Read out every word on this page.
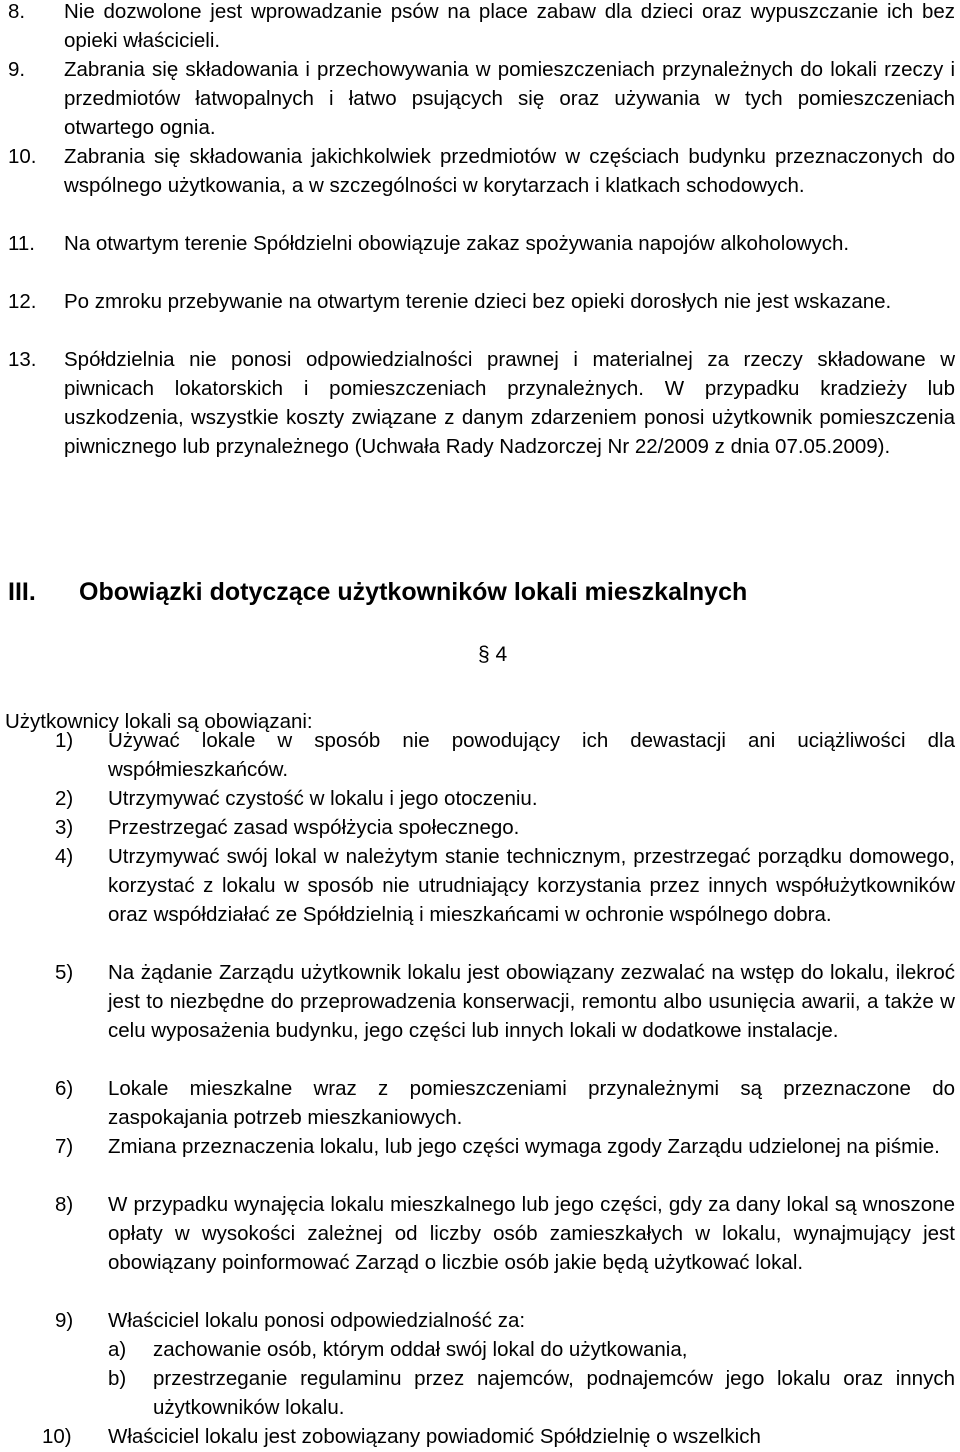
8. Nie dozwolone jest wprowadzanie psów na place zabaw dla dzieci oraz wypuszczanie ich bez opieki właścicieli.
9. Zabrania się składowania i przechowywania w pomieszczeniach przynależnych do lokali rzeczy i przedmiotów łatwopalnych i łatwo psujących się oraz używania w tych pomieszczeniach otwartego ognia.
10. Zabrania się składowania jakichkolwiek przedmiotów w częściach budynku przeznaczonych do wspólnego użytkowania, a w szczególności w korytarzach i klatkach schodowych.
11. Na otwartym terenie Spółdzielni obowiązuje zakaz spożywania napojów alkoholowych.
12. Po zmroku przebywanie na otwartym terenie dzieci bez opieki dorosłych nie jest wskazane.
13. Spółdzielnia nie ponosi odpowiedzialności prawnej i materialnej za rzeczy składowane w piwnicach lokatorskich i pomieszczeniach przynależnych. W przypadku kradzieży lub uszkodzenia, wszystkie koszty związane z danym zdarzeniem ponosi użytkownik pomieszczenia piwnicznego lub przynależnego (Uchwała Rady Nadzorczej Nr 22/2009 z dnia 07.05.2009).
III. Obowiązki dotyczące użytkowników lokali mieszkalnych
§ 4
Użytkownicy lokali są obowiązani:
1) Używać lokale w sposób nie powodujący ich dewastacji ani uciążliwości dla współmieszkańców.
2) Utrzymywać czystość w lokalu i jego otoczeniu.
3) Przestrzegać zasad współżycia społecznego.
4) Utrzymywać swój lokal w należytym stanie technicznym, przestrzegać porządku domowego, korzystać z lokalu w sposób nie utrudniający korzystania przez innych współużytkowników oraz współdziałać ze Spółdzielnią i mieszkańcami w ochronie wspólnego dobra.
5) Na żądanie Zarządu użytkownik lokalu jest obowiązany zezwalać na wstęp do lokalu, ilekroć jest to niezbędne do przeprowadzenia konserwacji, remontu albo usunięcia awarii, a także w celu wyposażenia budynku, jego części lub innych lokali w dodatkowe instalacje.
6) Lokale mieszkalne wraz z pomieszczeniami przynależnymi są przeznaczone do zaspokajania potrzeb mieszkaniowych.
7) Zmiana przeznaczenia lokalu, lub jego części wymaga zgody Zarządu udzielonej na piśmie.
8) W przypadku wynajęcia lokalu mieszkalnego lub jego części, gdy za dany lokal są wnoszone opłaty w wysokości zależnej od liczby osób zamieszkałych w lokalu, wynajmujący jest obowiązany poinformować Zarząd o liczbie osób jakie będą użytkować lokal.
9) Właściciel lokalu ponosi odpowiedzialność za:
a) zachowanie osób, którym oddał swój lokal do użytkowania,
b) przestrzeganie regulaminu przez najemców, podnajemców jego lokalu oraz innych użytkowników lokalu.
10) Właściciel lokalu jest zobowiązany powiadomić Spółdzielnię o wszelkich
